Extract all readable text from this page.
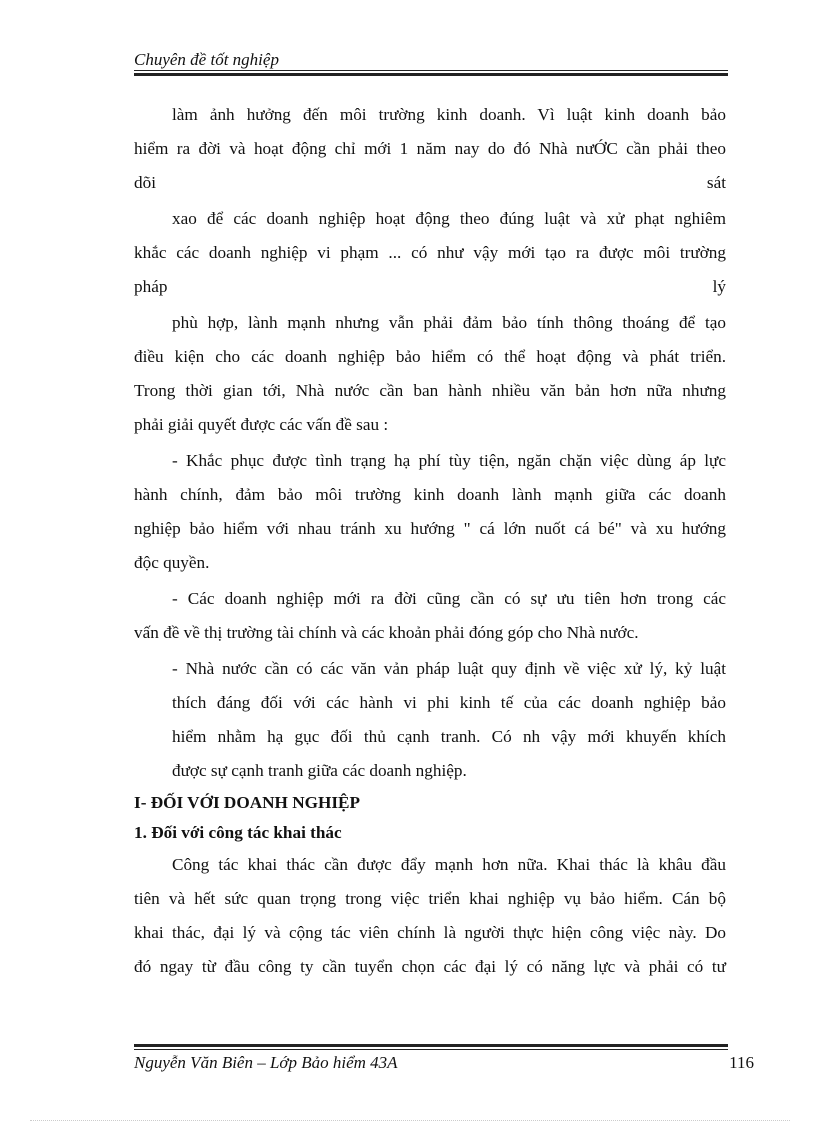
Chuyên đề tốt nghiệp

làm ảnh hưởng đến môi trường kinh doanh. Vì luật kinh doanh bảo

hiểm ra đời và hoạt động chỉ mới 1 năm nay do đó Nhà nưỚC cần phải theo

dõi	sát

xao để các doanh nghiệp hoạt động theo đúng luật và xử phạt nghiêm

khắc các doanh nghiệp vi phạm ... có như vậy mới tạo ra được môi trường

pháp	lý

phù hợp, lành mạnh nhưng vẫn phải đảm bảo tính thông thoáng để tạo

điều kiện cho các doanh nghiệp bảo hiểm có thể hoạt động và phát triển.

Trong thời gian tới, Nhà nước cần ban hành nhiều văn bản hơn nữa nhưng

phải giải quyết được các vấn đề sau :

- Khắc phục được tình trạng hạ phí tùy tiện, ngăn chặn việc dùng áp lực

hành chính, đảm bảo môi trường kinh doanh lành mạnh giữa các doanh

nghiệp bảo hiểm với nhau tránh xu hướng " cá lớn nuốt cá bé" và xu hướng

độc quyền.

- Các doanh nghiệp mới ra đời cũng cần có sự ưu tiên hơn trong các

vấn đề về thị trường tài chính và các khoản phải đóng góp cho Nhà nước.

- Nhà nước cần có các văn vản pháp luật quy định về việc xử lý, kỷ luật

thích đáng đối với các hành vi phi kinh tế của các doanh nghiệp bảo

hiểm nhằm hạ gục đối thủ cạnh tranh. Có nh vậy mới khuyến khích

được sự cạnh tranh giữa các doanh nghiệp.

I- ĐỐI VỚI DOANH NGHIỆP

1. Đối với công tác khai thác

Công tác khai thác cần được đẩy mạnh hơn nữa. Khai thác là khâu đầu

tiên và hết sức quan trọng trong việc triển khai nghiệp vụ bảo hiểm. Cán bộ

khai thác, đại lý và cộng tác viên chính là người thực hiện công việc này. Do

đó ngay từ đầu công ty cần tuyển chọn các đại lý có năng lực và phải có tư

Nguyễn Văn Biên – Lớp Bảo hiểm 43A	116
